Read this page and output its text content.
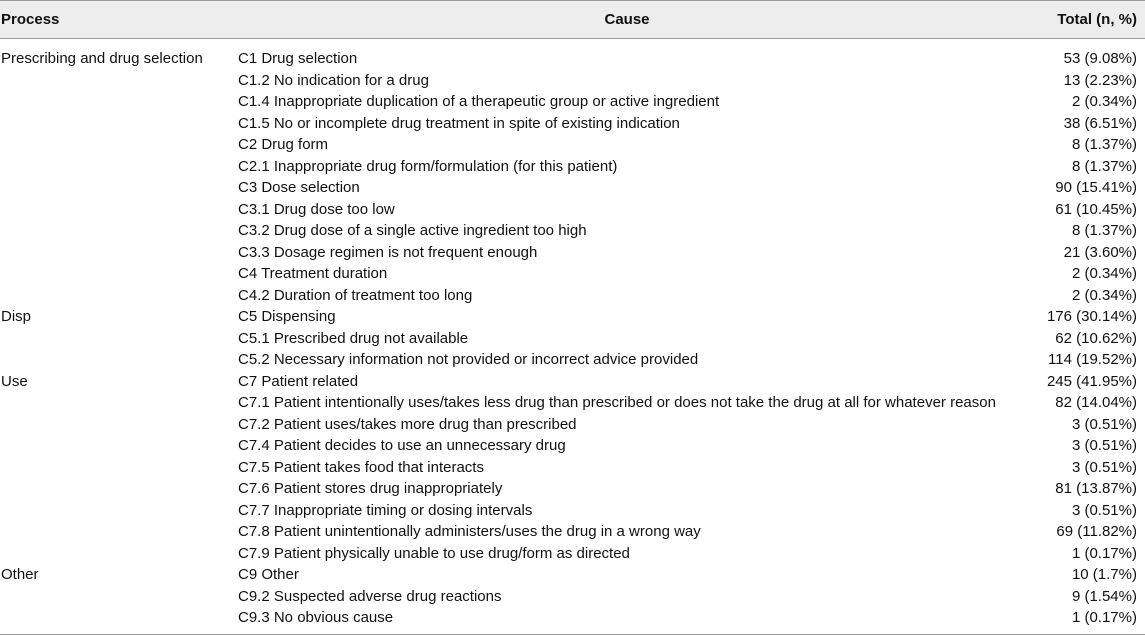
Process	Cause	Total (n, %)
Prescribing and drug selection	C1 Drug selection	53 (9.08%)
	C1.2 No indication for a drug	13 (2.23%)
	C1.4 Inappropriate duplication of a therapeutic group or active ingredient	2 (0.34%)
	C1.5 No or incomplete drug treatment in spite of existing indication	38 (6.51%)
	C2 Drug form	8 (1.37%)
	C2.1 Inappropriate drug form/formulation (for this patient)	8 (1.37%)
	C3 Dose selection	90 (15.41%)
	C3.1 Drug dose too low	61 (10.45%)
	C3.2 Drug dose of a single active ingredient too high	8 (1.37%)
	C3.3 Dosage regimen is not frequent enough	21 (3.60%)
	C4 Treatment duration	2 (0.34%)
	C4.2 Duration of treatment too long	2 (0.34%)
Disp	C5 Dispensing	176 (30.14%)
	C5.1 Prescribed drug not available	62 (10.62%)
	C5.2 Necessary information not provided or incorrect advice provided	114 (19.52%)
Use	C7 Patient related	245 (41.95%)
	C7.1 Patient intentionally uses/takes less drug than prescribed or does not take the drug at all for whatever reason	82 (14.04%)
	C7.2 Patient uses/takes more drug than prescribed	3 (0.51%)
	C7.4 Patient decides to use an unnecessary drug	3 (0.51%)
	C7.5 Patient takes food that interacts	3 (0.51%)
	C7.6 Patient stores drug inappropriately	81 (13.87%)
	C7.7 Inappropriate timing or dosing intervals	3 (0.51%)
	C7.8 Patient unintentionally administers/uses the drug in a wrong way	69 (11.82%)
	C7.9 Patient physically unable to use drug/form as directed	1 (0.17%)
Other	C9 Other	10 (1.7%)
	C9.2 Suspected adverse drug reactions	9 (1.54%)
	C9.3 No obvious cause	1 (0.17%)
